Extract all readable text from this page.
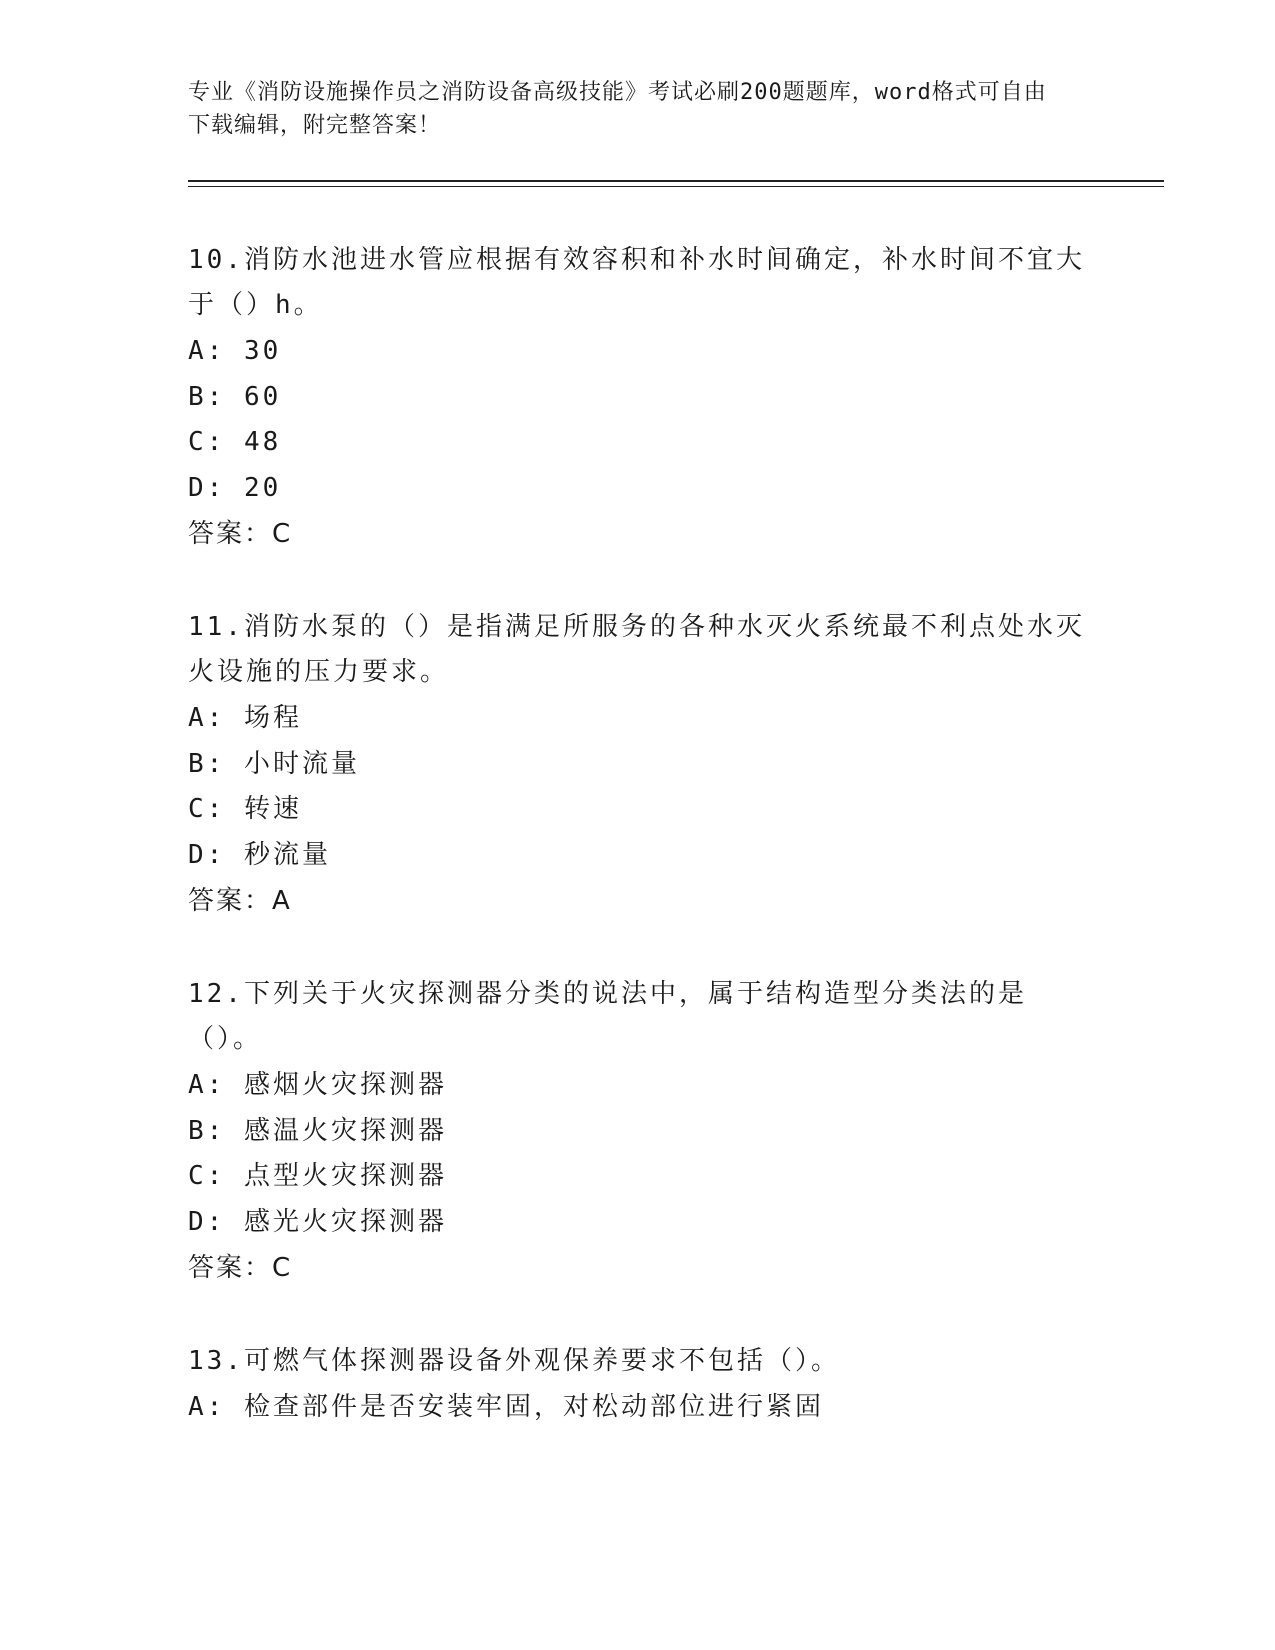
专业《消防设施操作员之消防设备高级技能》考试必刷200题题库，word格式可自由下载编辑，附完整答案！
10.消防水池进水管应根据有效容积和补水时间确定，补水时间不宜大于（）h。
A: 30
B: 60
C: 48
D: 20
答案：C
11.消防水泵的（）是指满足所服务的各种水灭火系统最不利点处水灭火设施的压力要求。
A: 场程
B: 小时流量
C: 转速
D: 秒流量
答案：A
12.下列关于火灾探测器分类的说法中，属于结构造型分类法的是（）。
A: 感烟火灾探测器
B: 感温火灾探测器
C: 点型火灾探测器
D: 感光火灾探测器
答案：C
13.可燃气体探测器设备外观保养要求不包括（）。
A: 检查部件是否安装牢固，对松动部位进行紧固
